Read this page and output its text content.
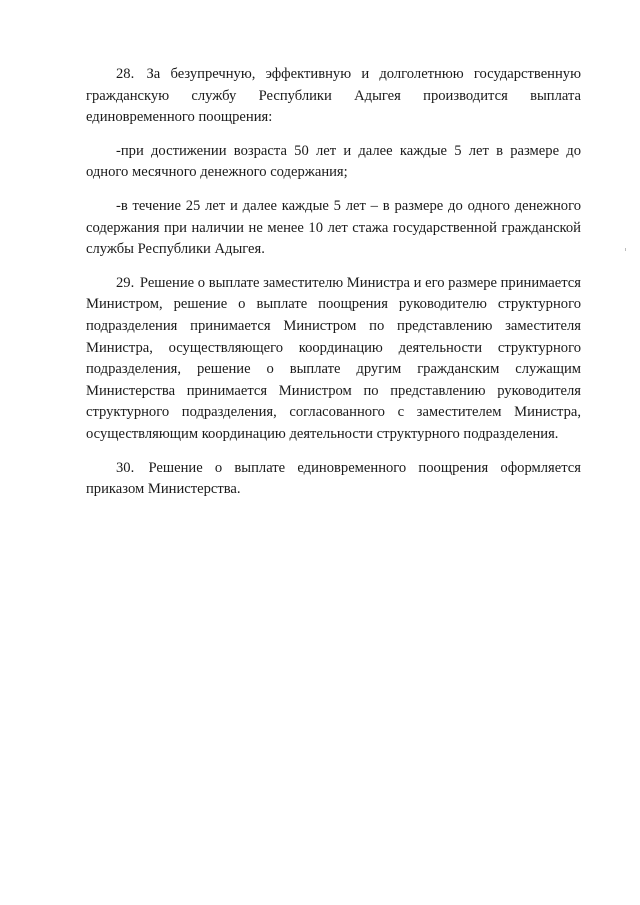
28. За безупречную, эффективную и долголетнюю государственную гражданскую службу Республики Адыгея производится выплата единовременного поощрения:

-при достижении возраста 50 лет и далее каждые 5 лет в размере до одного месячного денежного содержания;

-в течение 25 лет и далее каждые 5 лет – в размере до одного денежного содержания при наличии не менее 10 лет стажа государственной гражданской службы Республики Адыгея.

29. Решение о выплате заместителю Министра и его размере принимается Министром, решение о выплате поощрения руководителю структурного подразделения принимается Министром по представлению заместителя Министра, осуществляющего координацию деятельности структурного подразделения, решение о выплате другим гражданским служащим Министерства принимается Министром по представлению руководителя структурного подразделения, согласованного с заместителем Министра, осуществляющим координацию деятельности структурного подразделения.

30. Решение о выплате единовременного поощрения оформляется приказом Министерства.
